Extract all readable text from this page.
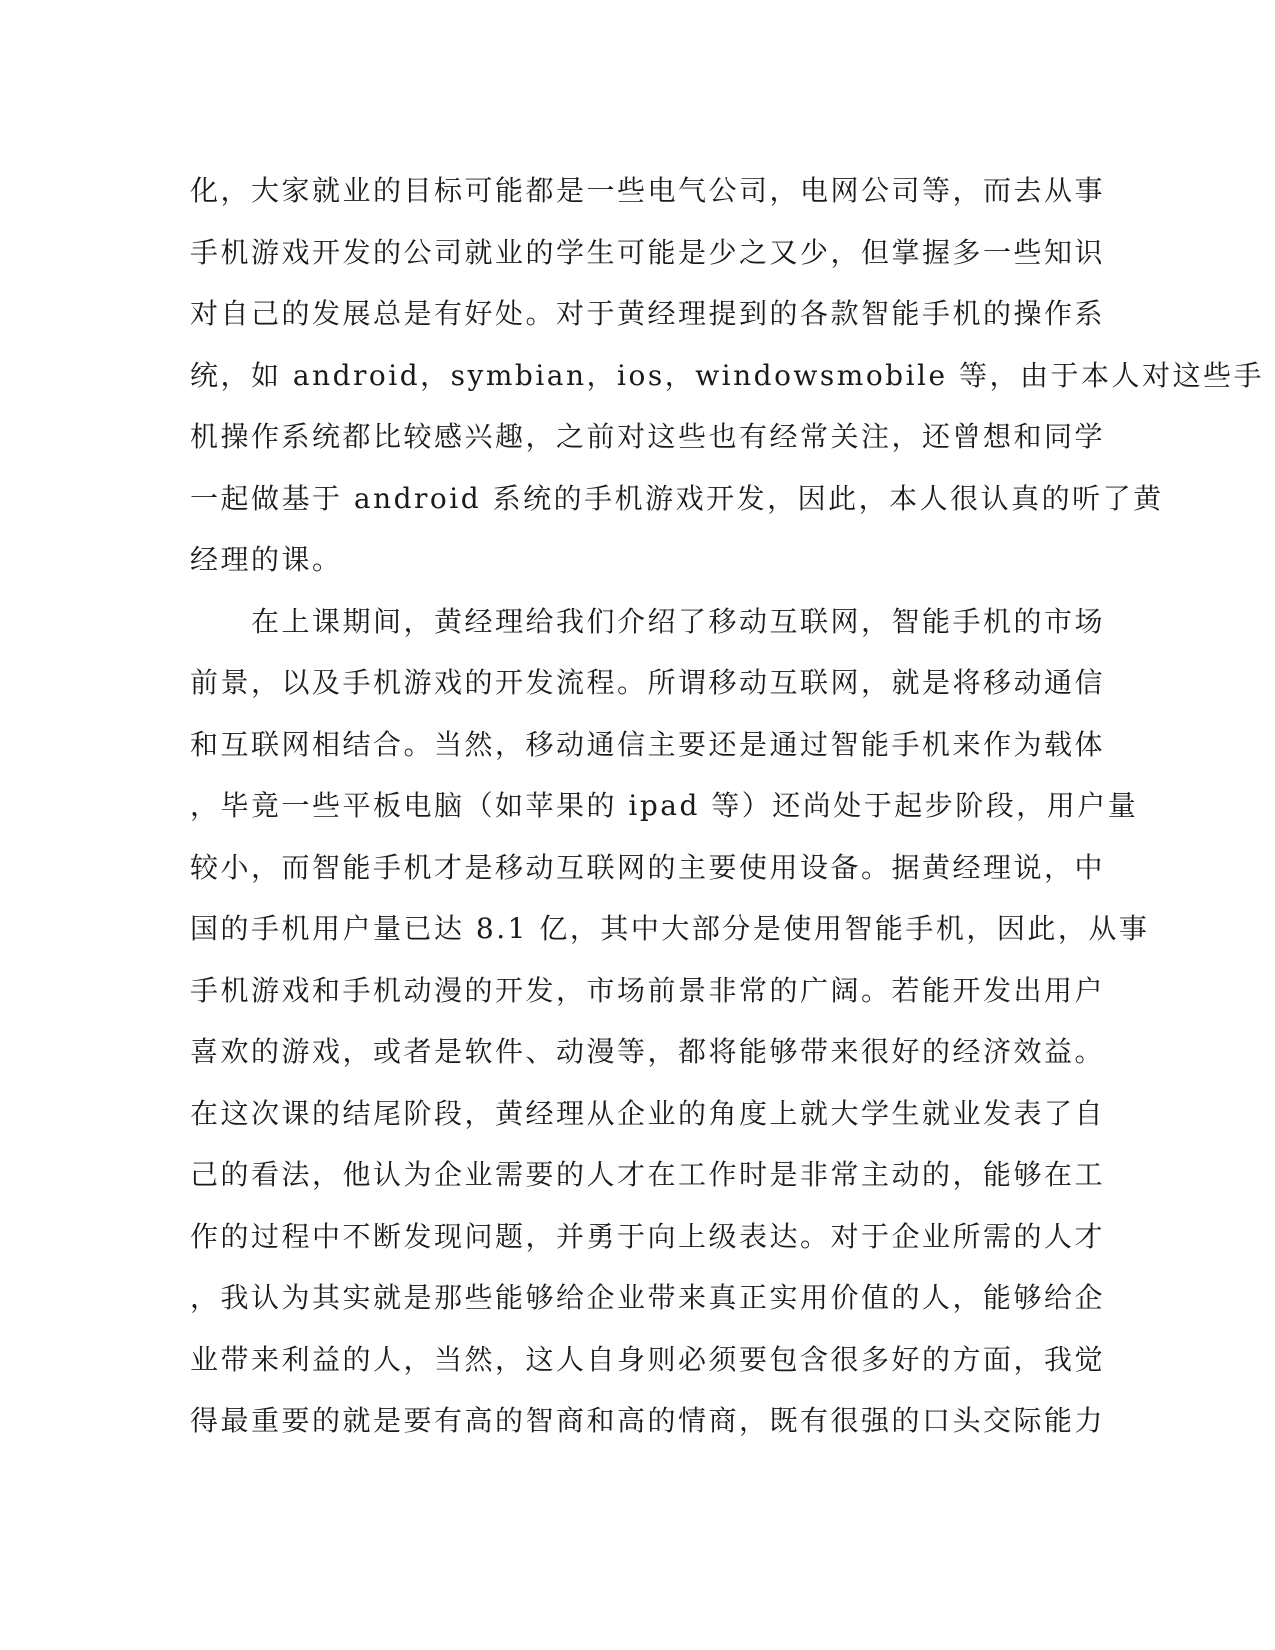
化，大家就业的目标可能都是一些电气公司，电网公司等，而去从事
手机游戏开发的公司就业的学生可能是少之又少，但掌握多一些知识
对自己的发展总是有好处。对于黄经理提到的各款智能手机的操作系
统，如 android，symbian，ios，windowsmobile 等，由于本人对这些手
机操作系统都比较感兴趣，之前对这些也有经常关注，还曾想和同学
一起做基于 android 系统的手机游戏开发，因此，本人很认真的听了黄
经理的课。
　　在上课期间，黄经理给我们介绍了移动互联网，智能手机的市场
前景，以及手机游戏的开发流程。所谓移动互联网，就是将移动通信
和互联网相结合。当然，移动通信主要还是通过智能手机来作为载体
，毕竟一些平板电脑（如苹果的 ipad 等）还尚处于起步阶段，用户量
较小，而智能手机才是移动互联网的主要使用设备。据黄经理说，中
国的手机用户量已达 8.1 亿，其中大部分是使用智能手机，因此，从事
手机游戏和手机动漫的开发，市场前景非常的广阔。若能开发出用户
喜欢的游戏，或者是软件、动漫等，都将能够带来很好的经济效益。
在这次课的结尾阶段，黄经理从企业的角度上就大学生就业发表了自
己的看法，他认为企业需要的人才在工作时是非常主动的，能够在工
作的过程中不断发现问题，并勇于向上级表达。对于企业所需的人才
，我认为其实就是那些能够给企业带来真正实用价值的人，能够给企
业带来利益的人，当然，这人自身则必须要包含很多好的方面，我觉
得最重要的就是要有高的智商和高的情商，既有很强的口头交际能力
